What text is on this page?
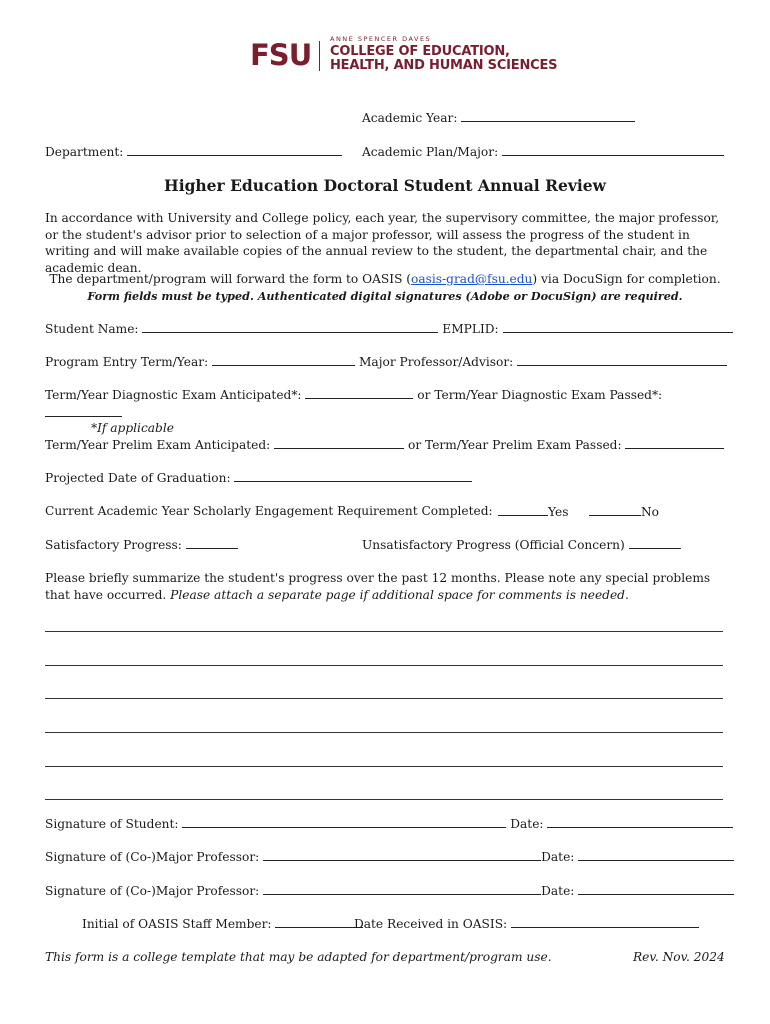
FSU	ANNE SPENCER DAVES
COLLEGE OF EDUCATION,
HEALTH, AND HUMAN SCIENCES
Academic Year:
Department:	Academic Plan/Major:
Higher Education Doctoral Student Annual Review
In accordance with University and College policy, each year, the supervisory committee, the major professor, or the student's advisor prior to selection of a major professor, will assess the progress of the student in writing and will make available copies of the annual review to the student, the departmental chair, and the academic dean.
The department/program will forward the form to OASIS (oasis-grad@fsu.edu) via DocuSign for completion.
Form fields must be typed. Authenticated digital signatures (Adobe or DocuSign) are required.
Student Name:	EMPLID:
Program Entry Term/Year:	Major Professor/Advisor:
Term/Year Diagnostic Exam Anticipated*:	or Term/Year Diagnostic Exam Passed*:
*If applicable
Term/Year Prelim Exam Anticipated:	or Term/Year Prelim Exam Passed:
Projected Date of Graduation:
Current Academic Year Scholarly Engagement Requirement Completed:	Yes	No
Satisfactory Progress:	Unsatisfactory Progress (Official Concern)
Please briefly summarize the student's progress over the past 12 months. Please note any special problems that have occurred. Please attach a separate page if additional space for comments is needed.
Signature of Student:	Date:
Signature of (Co-)Major Professor:	Date:
Signature of (Co-)Major Professor:	Date:
Initial of OASIS Staff Member:	Date Received in OASIS:
This form is a college template that may be adapted for department/program use.	Rev. Nov. 2024
